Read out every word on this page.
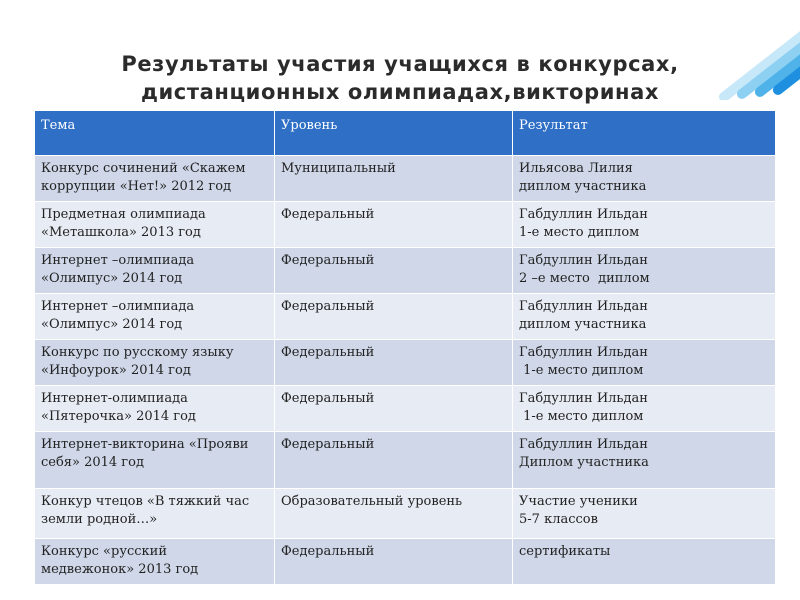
Результаты участия учащихся в конкурсах,
дистанционных олимпиадах,викторинах
Тема	Уровень	Результат

Конкурс сочинений «Скажем
коррупции «Нет!» 2012 год	Муниципальный	Ильясова Лилия
диплом участника

Предметная олимпиада
«Меташкола» 2013 год	Федеральный	Габдуллин Ильдан
1-е место диплом

Интернет –олимпиада
«Олимпус» 2014 год	Федеральный	Габдуллин Ильдан
2 –е место  диплом

Интернет –олимпиада
«Олимпус» 2014 год	Федеральный	Габдуллин Ильдан
диплом участника

Конкурс по русскому языку
«Инфоурок» 2014 год	Федеральный	Габдуллин Ильдан
1-е место диплом

Интернет-олимпиада
«Пятерочка» 2014 год	Федеральный	Габдуллин Ильдан
1-е место диплом

Интернет-викторина «Прояви
себя» 2014 год	Федеральный	Габдуллин Ильдан
Диплом участника

Конкур чтецов «В тяжкий час
земли родной…»	Образовательный уровень	Участие ученики
5-7 классов

Конкурс «русский
медвежонок» 2013 год	Федеральный	сертификаты
